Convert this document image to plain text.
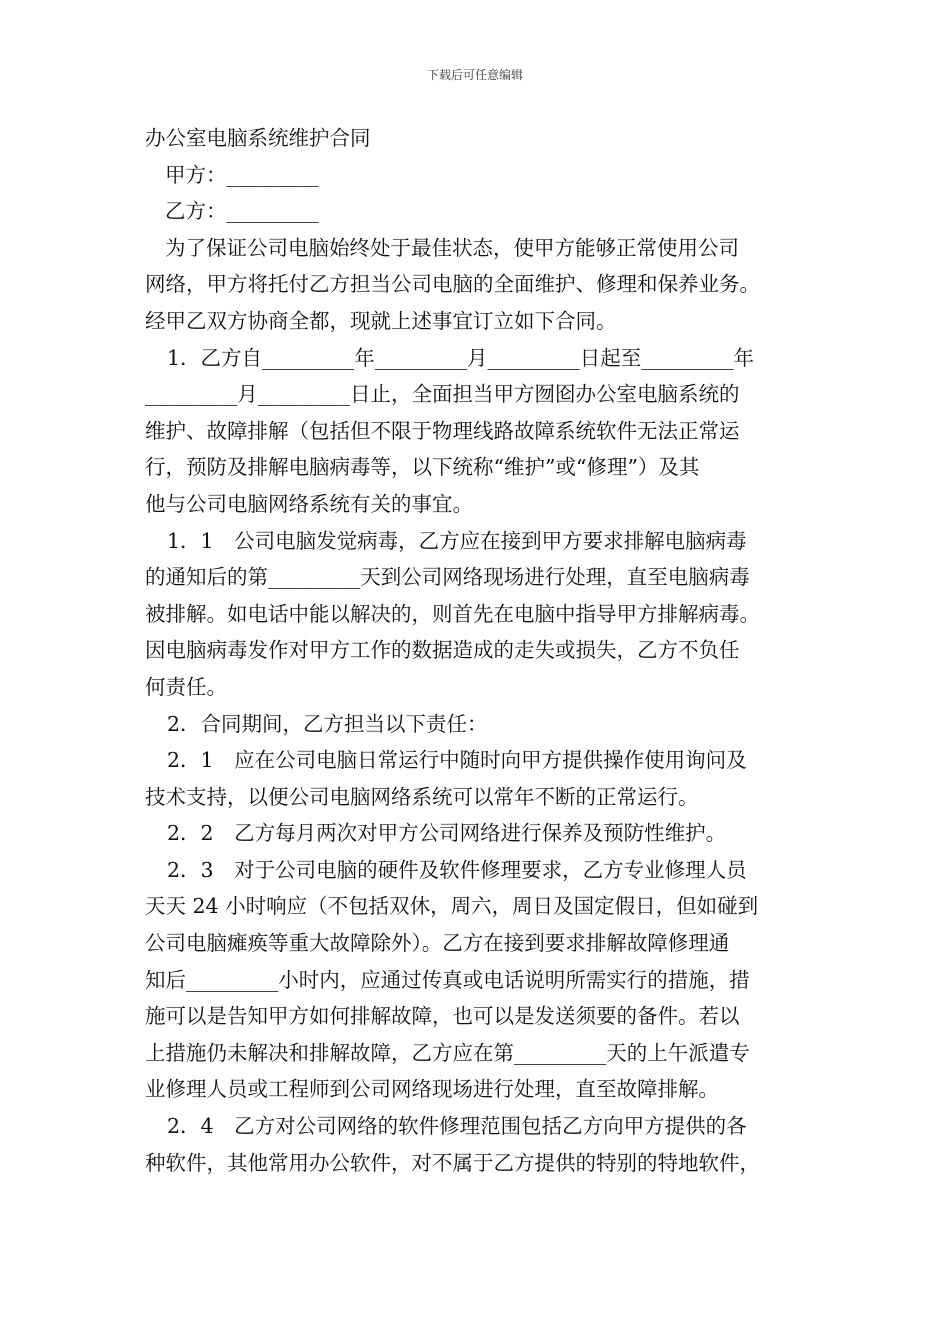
下载后可任意编辑
办公室电脑系统维护合同
甲方：_________
乙方：_________
为了保证公司电脑始终处于最佳状态，使甲方能够正常使用公司
网络，甲方将托付乙方担当公司电脑的全面维护、修理和保养业务。
经甲乙双方协商全都，现就上述事宜订立如下合同。
1．乙方自_________年_________月_________日起至_________年
_________月_________日止，全面担当甲方囫囵办公室电脑系统的
维护、故障排解（包括但不限于物理线路故障系统软件无法正常运
行，预防及排解电脑病毒等，以下统称“维护”或“修理”）及其
他与公司电脑网络系统有关的事宜。
1．1　公司电脑发觉病毒，乙方应在接到甲方要求排解电脑病毒
的通知后的第_________天到公司网络现场进行处理，直至电脑病毒
被排解。如电话中能以解决的，则首先在电脑中指导甲方排解病毒。
因电脑病毒发作对甲方工作的数据造成的走失或损失，乙方不负任
何责任。
2．合同期间，乙方担当以下责任：
2．1　应在公司电脑日常运行中随时向甲方提供操作使用询问及
技术支持，以便公司电脑网络系统可以常年不断的正常运行。
2．2　乙方每月两次对甲方公司网络进行保养及预防性维护。
2．3　对于公司电脑的硬件及软件修理要求，乙方专业修理人员
天天 24 小时响应（不包括双休，周六，周日及国定假日，但如碰到
公司电脑瘫痪等重大故障除外）。乙方在接到要求排解故障修理通
知后_________小时内，应通过传真或电话说明所需实行的措施，措
施可以是告知甲方如何排解故障，也可以是发送须要的备件。若以
上措施仍未解决和排解故障，乙方应在第_________天的上午派遣专
业修理人员或工程师到公司网络现场进行处理，直至故障排解。
2．4　乙方对公司网络的软件修理范围包括乙方向甲方提供的各
种软件，其他常用办公软件，对不属于乙方提供的特别的特地软件，
